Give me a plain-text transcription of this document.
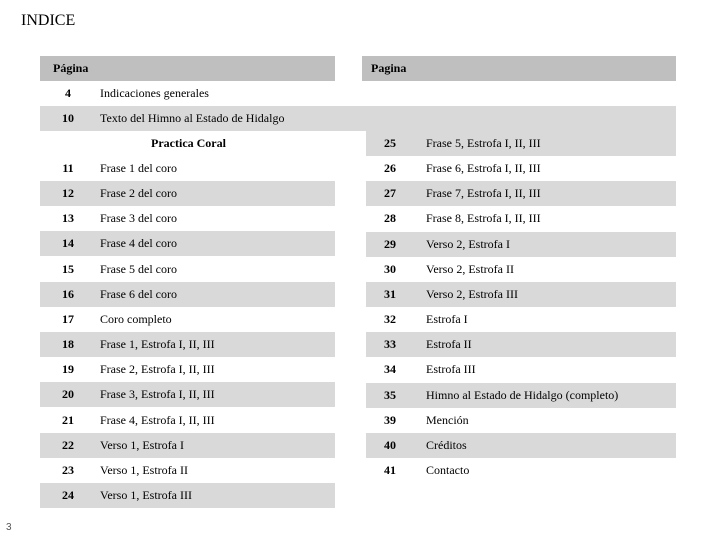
INDICE
Página	Pagina
4 Indicaciones generales
10 Texto del Himno al Estado de Hidalgo
Practica Coral
11 Frase 1 del coro
12 Frase 2 del coro
13 Frase 3 del coro
14 Frase 4 del coro
15 Frase 5 del coro
16 Frase 6 del coro
17 Coro completo
18 Frase 1, Estrofa I, II, III
19 Frase 2, Estrofa I, II, III
20 Frase 3, Estrofa I, II, III
21 Frase 4, Estrofa I, II, III
22 Verso 1, Estrofa I
23 Verso 1, Estrofa II
24 Verso 1, Estrofa III
25	Frase 5, Estrofa I, II, III
26	Frase 6, Estrofa I, II, III
27	Frase 7, Estrofa I, II, III
28	Frase 8, Estrofa I, II, III
29	Verso 2, Estrofa I
30	Verso 2, Estrofa II
31	Verso 2, Estrofa III
32	Estrofa I
33	Estrofa II
34	Estrofa III
35	Himno al Estado de Hidalgo (completo)
39	Mención
40	Créditos
41	Contacto
3
